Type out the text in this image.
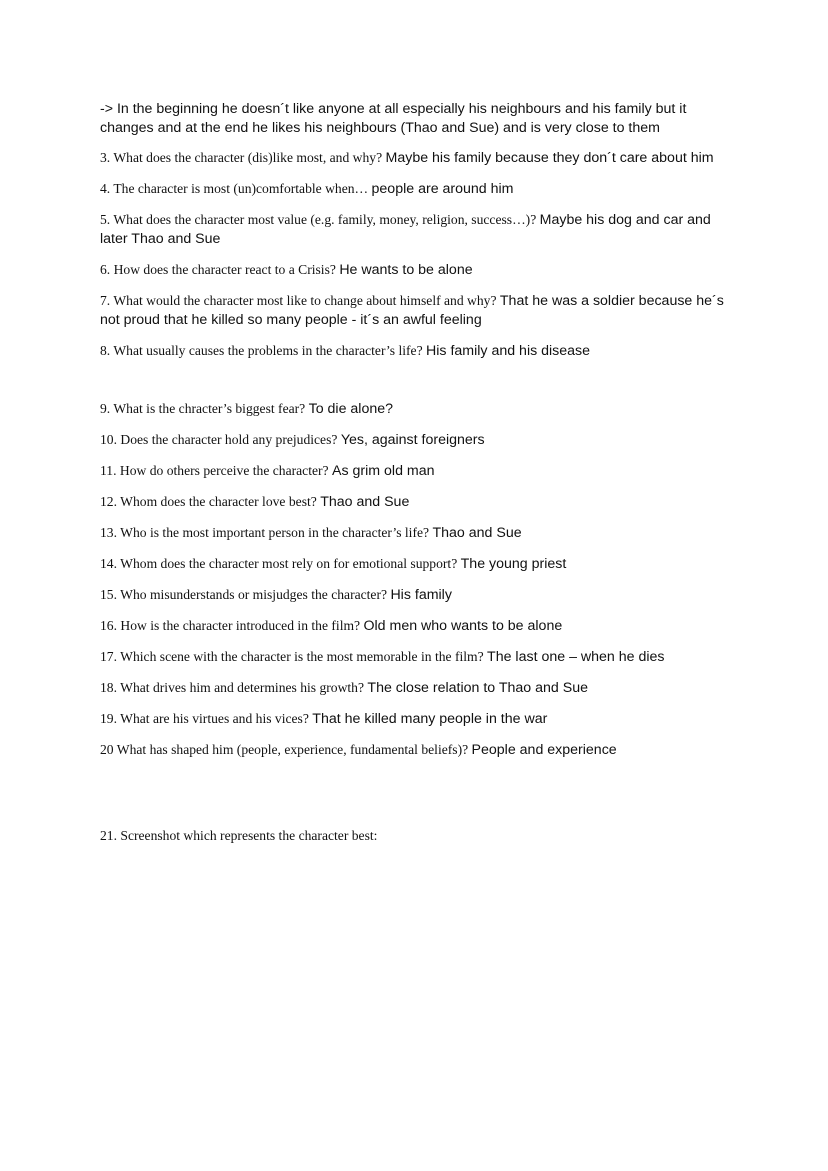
-> In the beginning he doesn´t like anyone at all especially his neighbours and his family but it changes and at the end he likes his neighbours (Thao and Sue) and is very close to them

3. What does the character (dis)like most, and why? Maybe his family because they don´t care about him

4. The character is most (un)comfortable when… people are around him

5. What does the character most value (e.g. family, money, religion, success…)? Maybe his dog and car and later Thao and Sue

6. How does the character react to a Crisis? He wants to be alone

7. What would the character most like to change about himself and why? That he was a soldier because he´s not proud that he killed so many people - it´s an awful feeling

8. What usually causes the problems in the character’s life? His family and his disease

9. What is the chracter’s biggest fear? To die alone?

10. Does the character hold any prejudices? Yes, against foreigners

11. How do others perceive the character? As grim old man

12. Whom does the character love best? Thao and Sue

13. Who is the most important person in the character’s life? Thao and Sue

14. Whom does the character most rely on for emotional support? The young priest

15. Who misunderstands or misjudges the character? His family

16. How is the character introduced in the film? Old men who wants to be alone

17. Which scene with the character is the most memorable in the film? The last one – when he dies

18. What drives him and determines his growth? The close relation to Thao and Sue

19. What are his virtues and his vices? That he killed many people in the war

20 What has shaped him (people, experience, fundamental beliefs)? People and experience

21. Screenshot which represents the character best:
